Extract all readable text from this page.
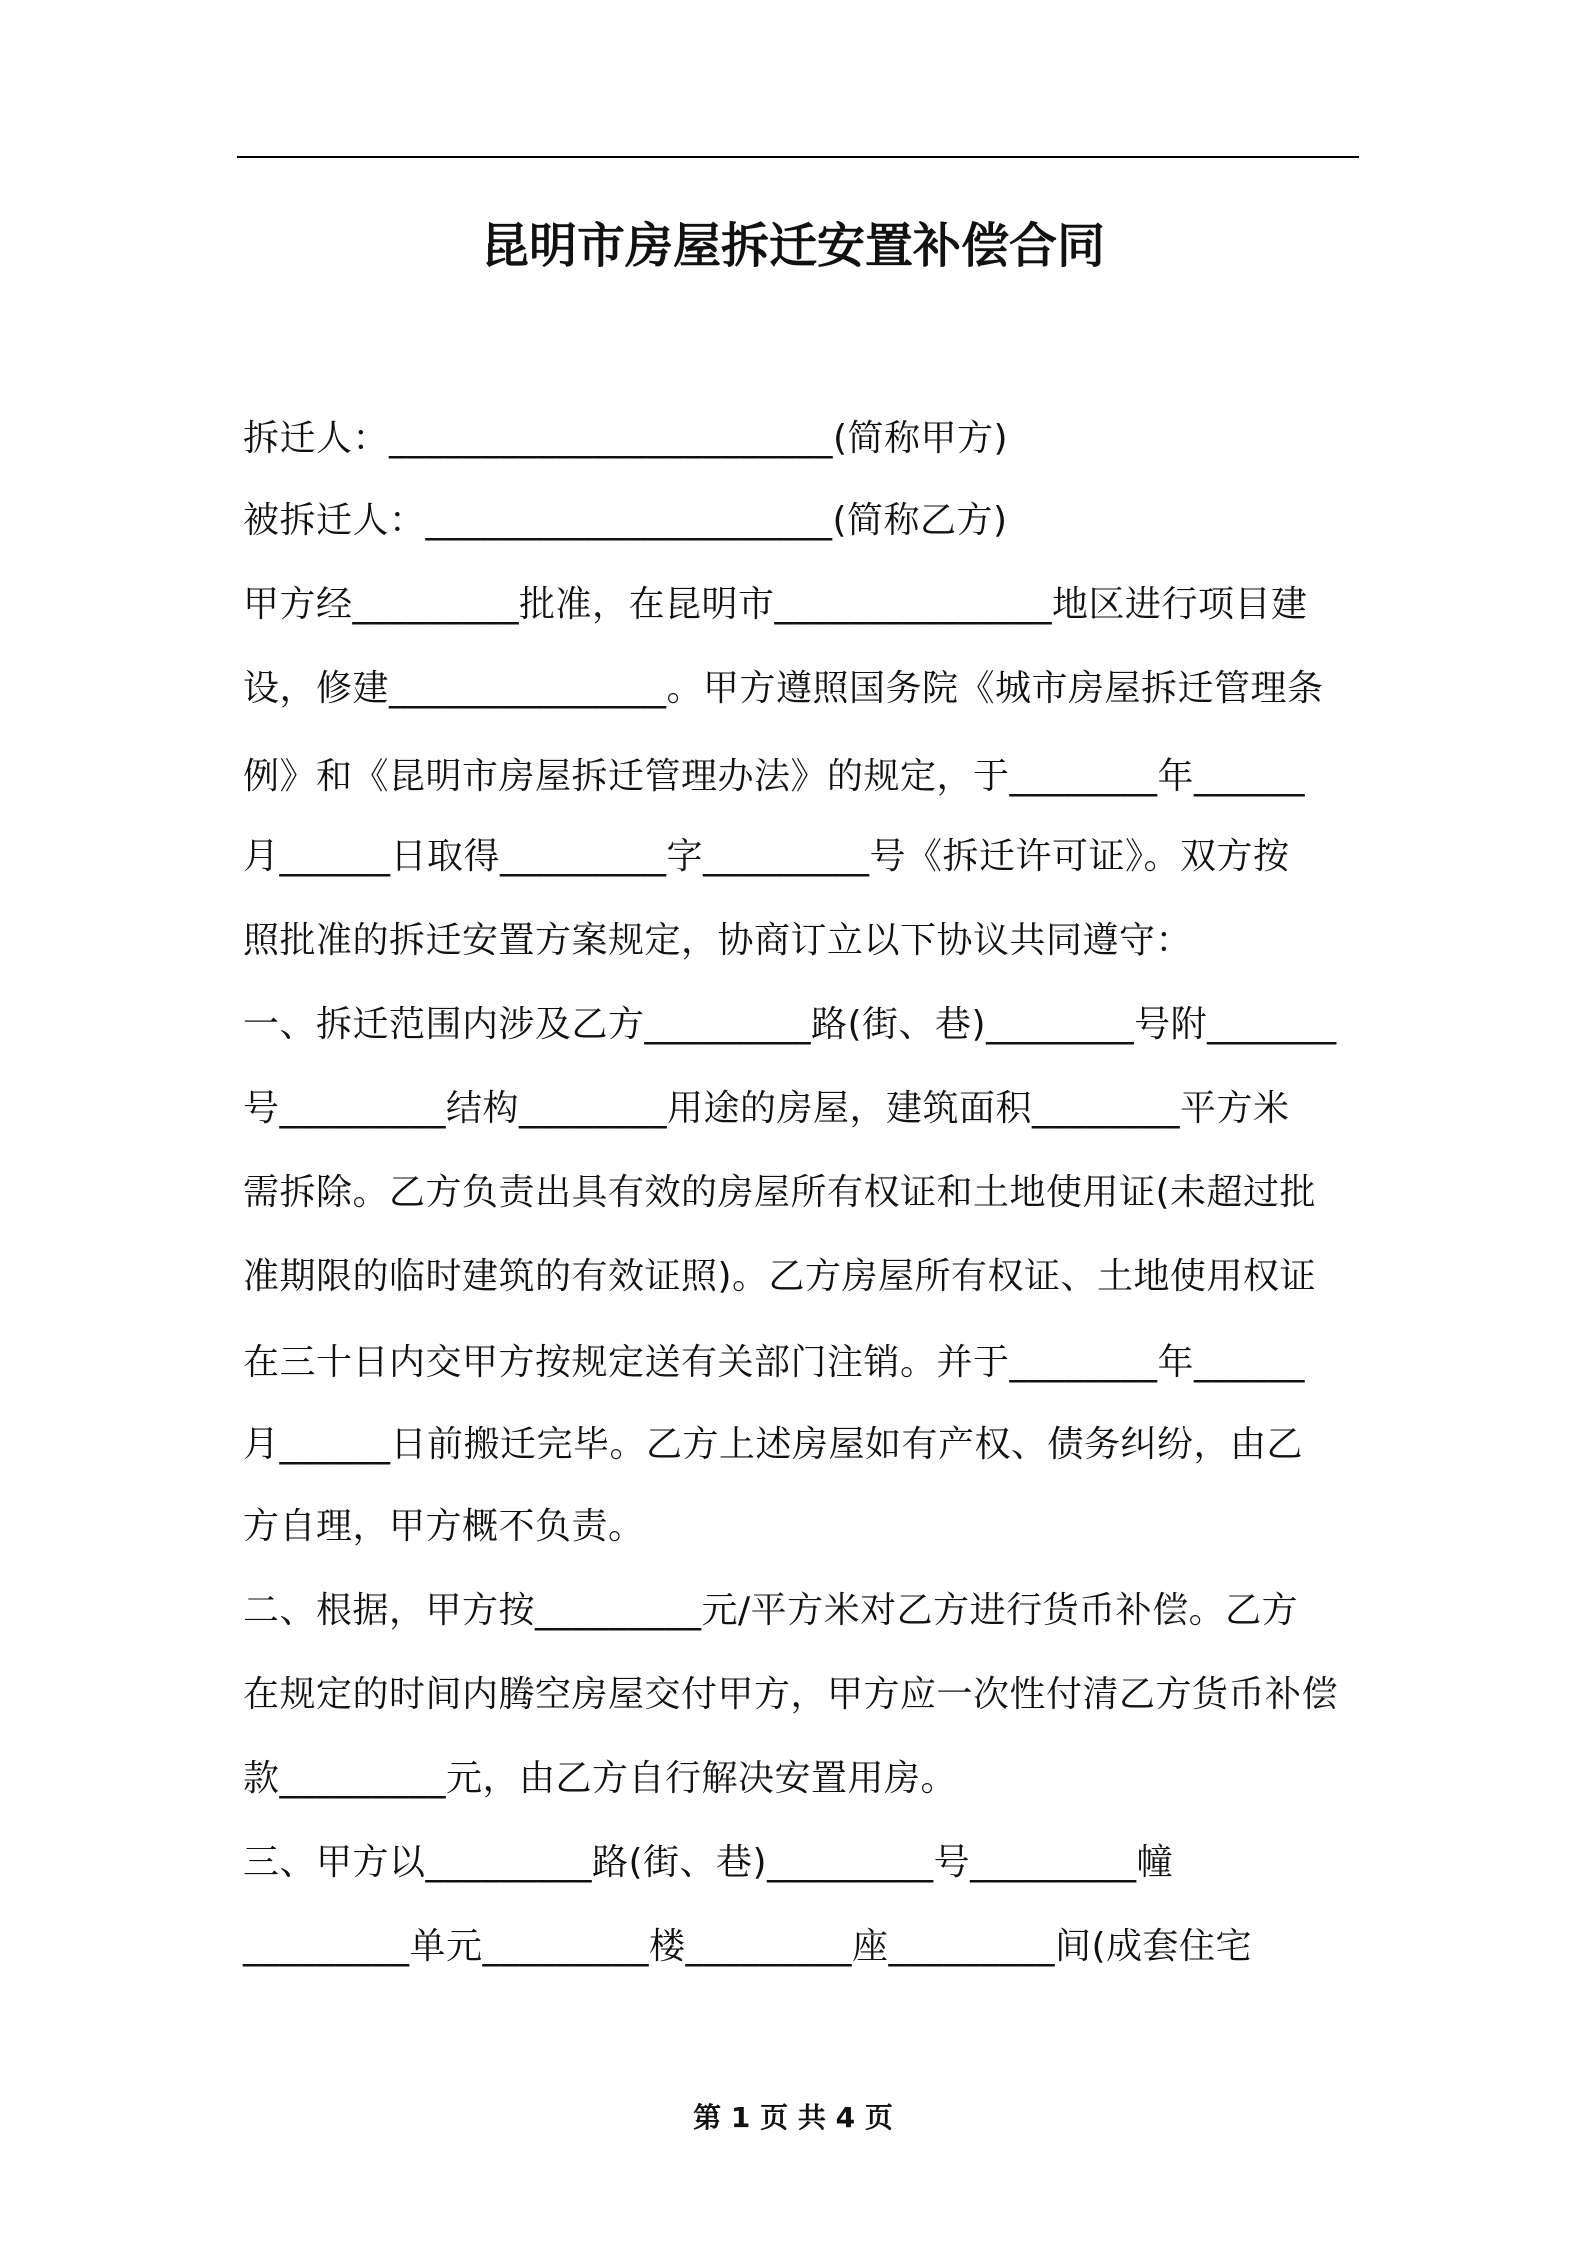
昆明市房屋拆迁安置补偿合同
拆迁人：________________________(简称甲方)
被拆迁人：______________________(简称乙方)
甲方经_________批准，在昆明市_______________地区进行项目建
设，修建_______________。甲方遵照国务院《城市房屋拆迁管理条
例》和《昆明市房屋拆迁管理办法》的规定，于________年______
月______日取得_________字_________号《拆迁许可证》。双方按
照批准的拆迁安置方案规定，协商订立以下协议共同遵守：
一、拆迁范围内涉及乙方_________路(街、巷)________号附_______
号_________结构________用途的房屋，建筑面积________平方米
需拆除。乙方负责出具有效的房屋所有权证和土地使用证(未超过批
准期限的临时建筑的有效证照)。乙方房屋所有权证、土地使用权证
在三十日内交甲方按规定送有关部门注销。并于________年______
月______日前搬迁完毕。乙方上述房屋如有产权、债务纠纷，由乙
方自理，甲方概不负责。
二、根据，甲方按_________元/平方米对乙方进行货币补偿。乙方
在规定的时间内腾空房屋交付甲方，甲方应一次性付清乙方货币补偿
款_________元，由乙方自行解决安置用房。
三、甲方以_________路(街、巷)_________号_________幢
_________单元_________楼_________座_________间(成套住宅
第 1 页 共 4 页
